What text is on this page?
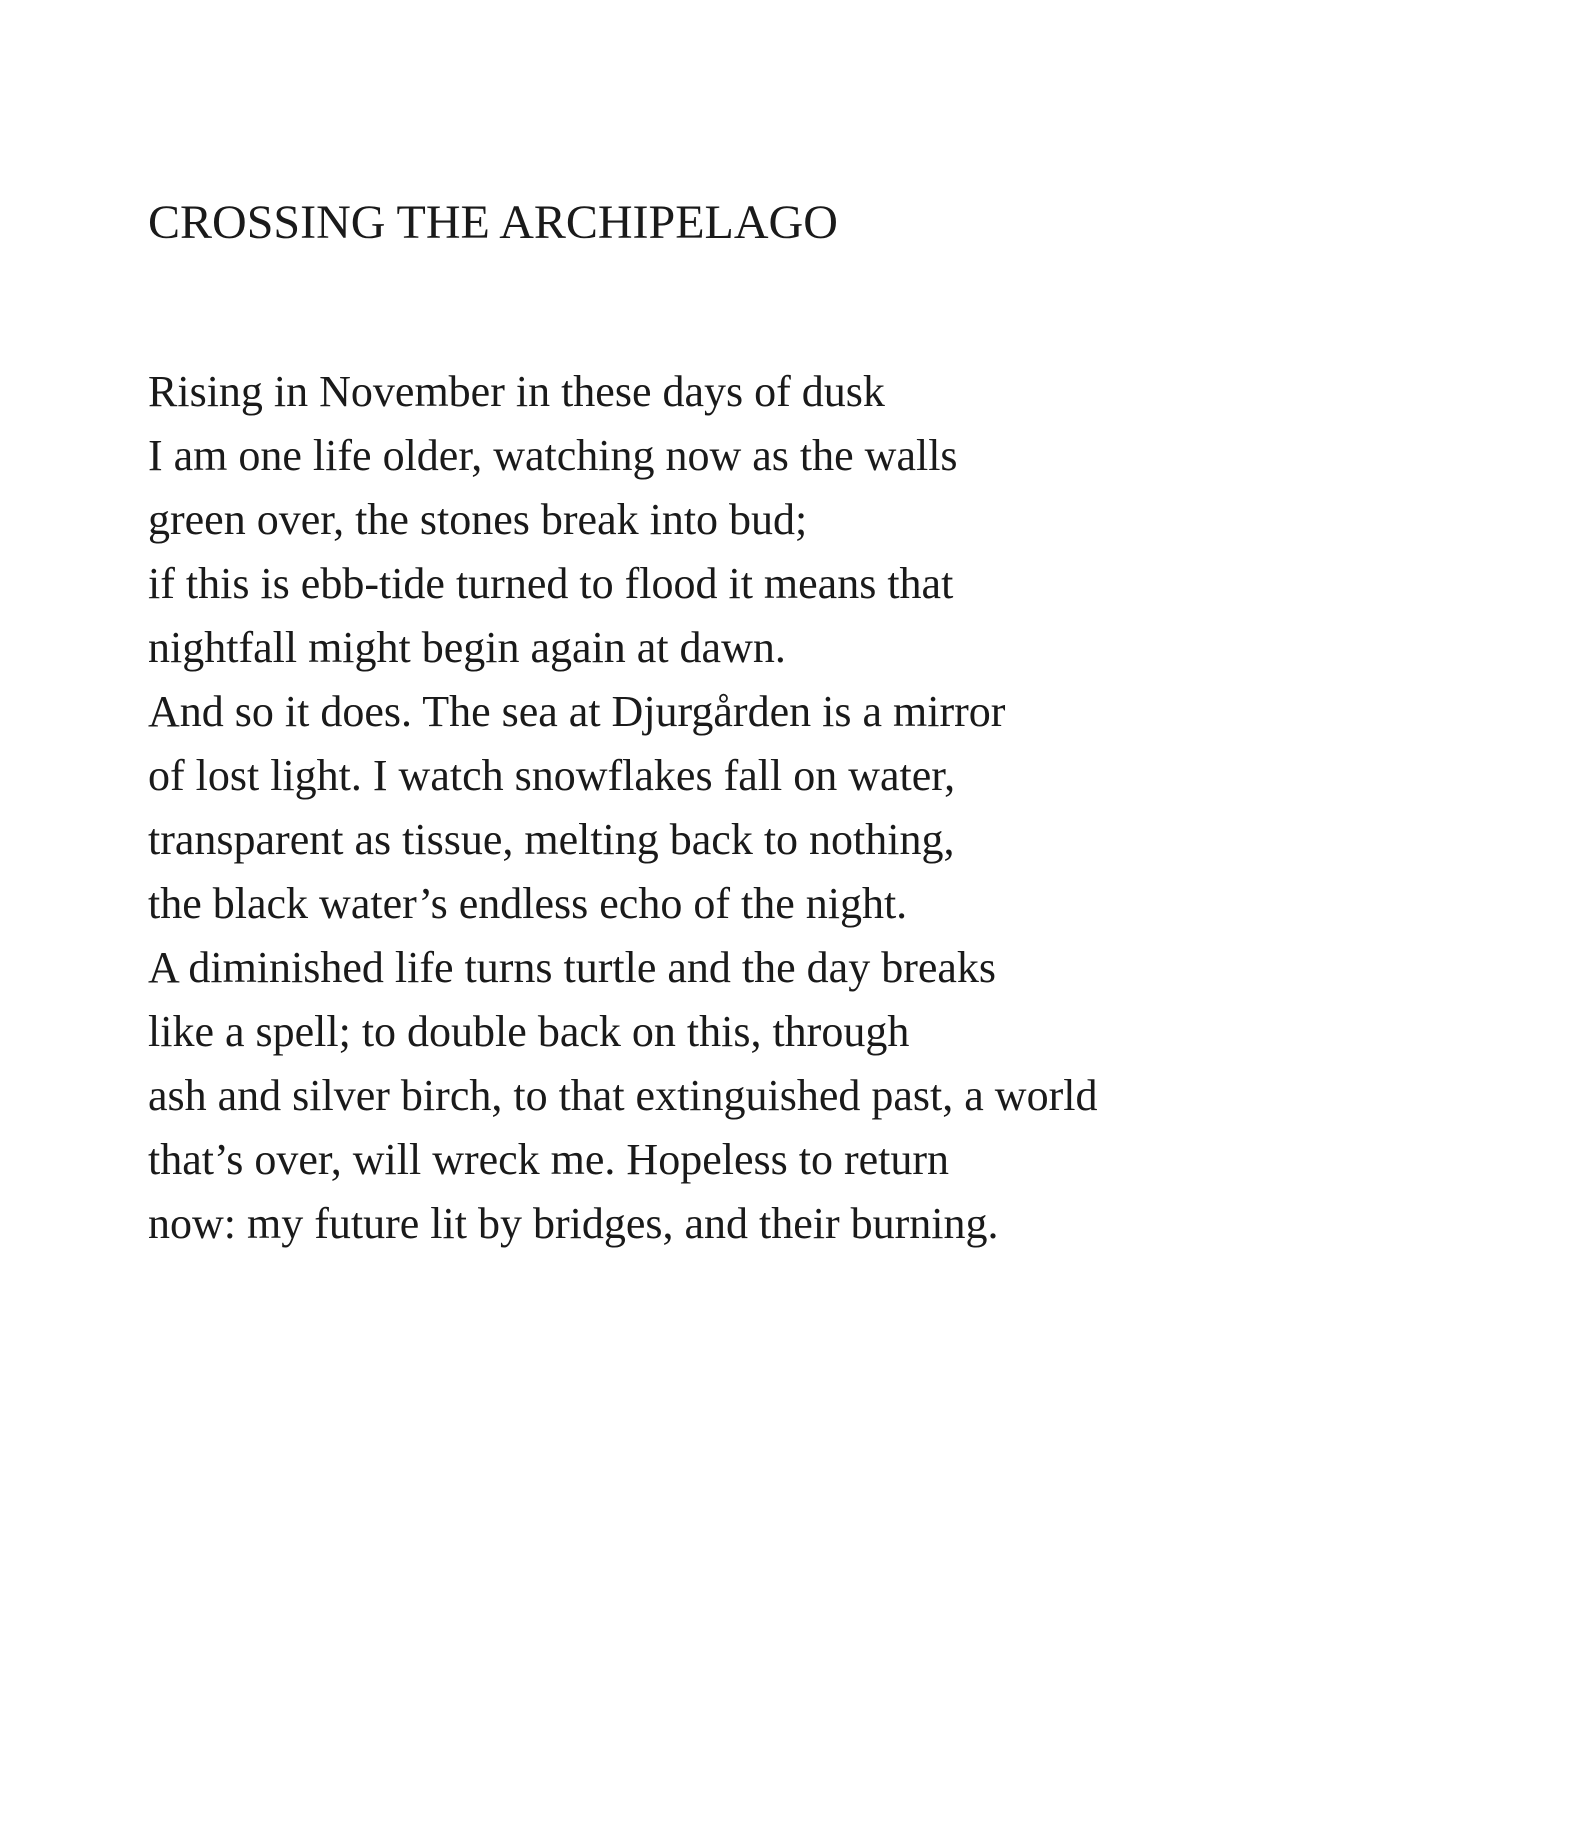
CROSSING THE ARCHIPELAGO
Rising in November in these days of dusk
I am one life older, watching now as the walls
green over, the stones break into bud;
if this is ebb-tide turned to flood it means that
nightfall might begin again at dawn.
And so it does. The sea at Djurgården is a mirror
of lost light. I watch snowflakes fall on water,
transparent as tissue, melting back to nothing,
the black water’s endless echo of the night.
A diminished life turns turtle and the day breaks
like a spell; to double back on this, through
ash and silver birch, to that extinguished past, a world
that’s over, will wreck me. Hopeless to return
now: my future lit by bridges, and their burning.
